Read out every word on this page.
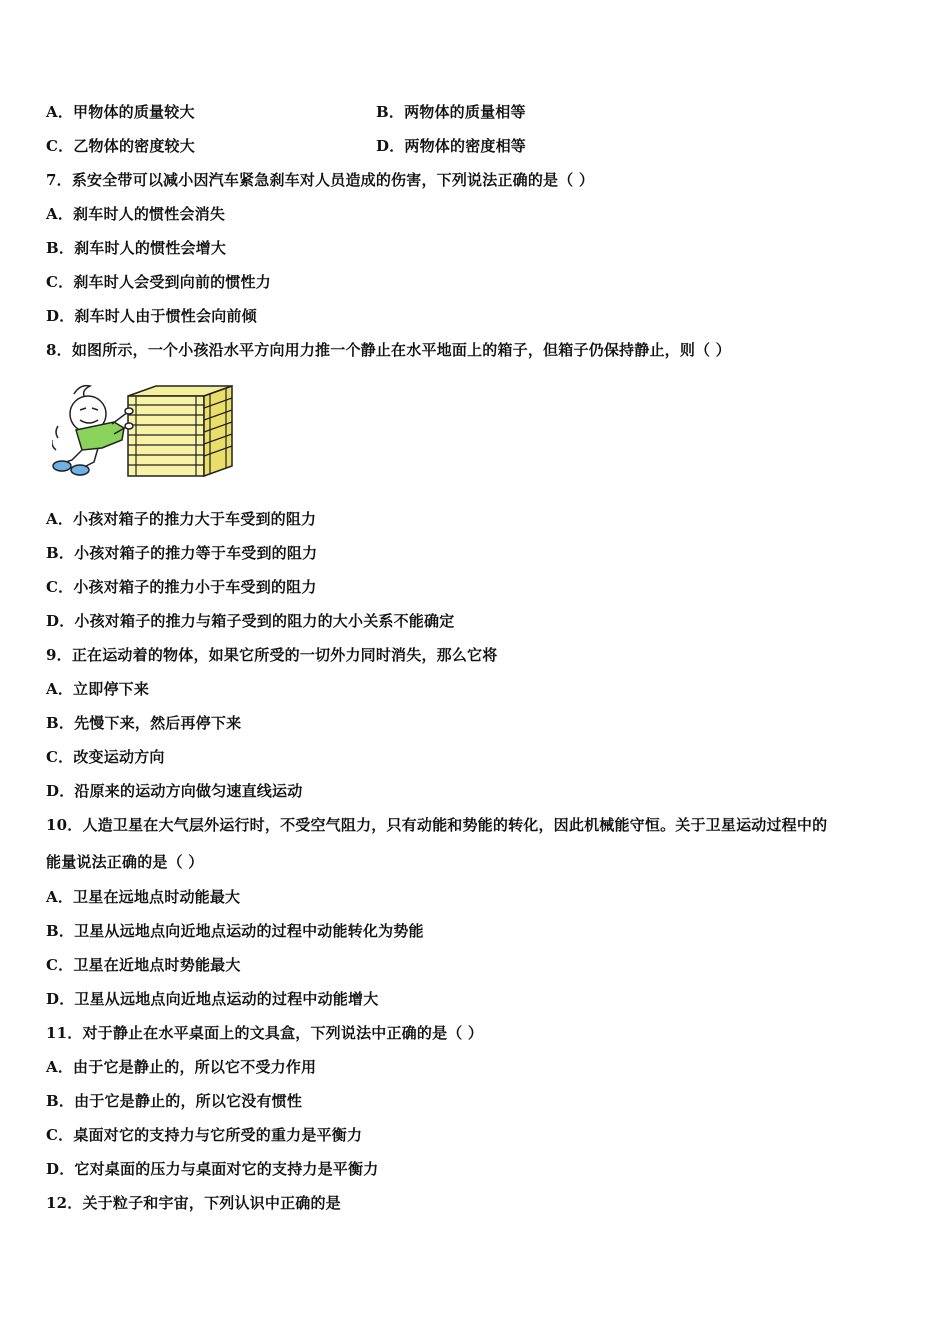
A．甲物体的质量较大	B．两物体的质量相等
C．乙物体的密度较大	D．两物体的密度相等
7．系安全带可以减小因汽车紧急刹车对人员造成的伤害，下列说法正确的是（ ）
A．刹车时人的惯性会消失
B．刹车时人的惯性会增大
C．刹车时人会受到向前的惯性力
D．刹车时人由于惯性会向前倾
8．如图所示，一个小孩沿水平方向用力推一个静止在水平地面上的箱子，但箱子仍保持静止，则（ ）
A．小孩对箱子的推力大于车受到的阻力
B．小孩对箱子的推力等于车受到的阻力
C．小孩对箱子的推力小于车受到的阻力
D．小孩对箱子的推力与箱子受到的阻力的大小关系不能确定
9．正在运动着的物体，如果它所受的一切外力同时消失，那么它将
A．立即停下来
B．先慢下来，然后再停下来
C．改变运动方向
D．沿原来的运动方向做匀速直线运动
10．人造卫星在大气层外运行时，不受空气阻力，只有动能和势能的转化，因此机械能守恒。关于卫星运动过程中的
能量说法正确的是（ ）
A．卫星在远地点时动能最大
B．卫星从远地点向近地点运动的过程中动能转化为势能
C．卫星在近地点时势能最大
D．卫星从远地点向近地点运动的过程中动能增大
11．对于静止在水平桌面上的文具盒，下列说法中正确的是（ ）
A．由于它是静止的，所以它不受力作用
B．由于它是静止的，所以它没有惯性
C．桌面对它的支持力与它所受的重力是平衡力
D．它对桌面的压力与桌面对它的支持力是平衡力
12．关于粒子和宇宙，下列认识中正确的是
